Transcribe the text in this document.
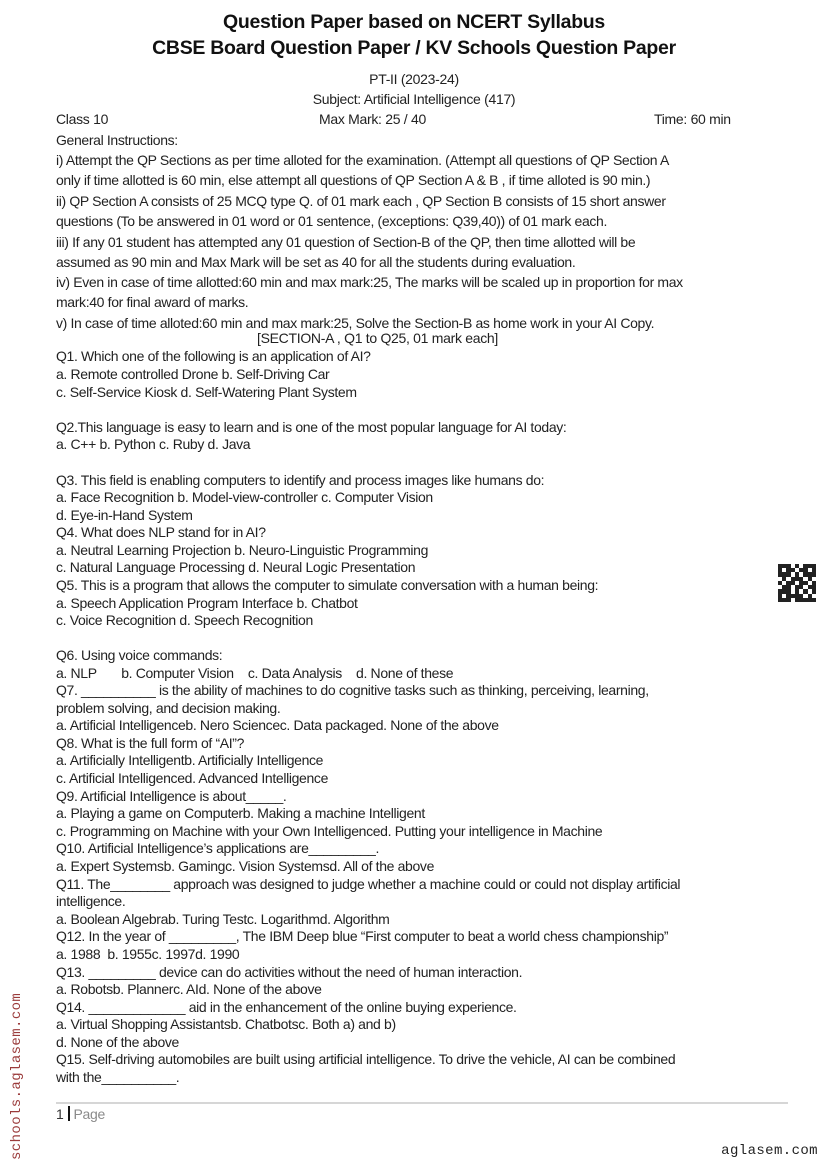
Question Paper based on NCERT Syllabus
CBSE Board Question Paper / KV Schools Question Paper
PT-II (2023-24)
Subject: Artificial Intelligence (417)
Class 10	Max Mark: 25 / 40	Time: 60 min
General Instructions:
i) Attempt the QP Sections as per time alloted for the examination. (Attempt all questions of QP Section A
only if time allotted is 60 min, else attempt all questions of QP Section A & B , if time alloted is 90 min.)
ii) QP Section A consists of 25 MCQ type Q. of 01 mark each , QP Section B consists of 15 short answer
questions (To be answered in 01 word or 01 sentence, (exceptions: Q39,40)) of 01 mark each.
iii) If any 01 student has attempted any 01 question of Section-B of the QP, then time allotted will be
assumed as 90 min and Max Mark will be set as 40 for all the students during evaluation.
iv) Even in case of time allotted:60 min and max mark:25, The marks will be scaled up in proportion for max
mark:40 for final award of marks.
v) In case of time alloted:60 min and max mark:25, Solve the Section-B as home work in your AI Copy.
[SECTION-A , Q1 to Q25, 01 mark each]
Q1. Which one of the following is an application of AI?
a. Remote controlled Drone b. Self-Driving Car
c. Self-Service Kiosk d. Self-Watering Plant System
Q2.This language is easy to learn and is one of the most popular language for AI today:
a. C++ b. Python c. Ruby d. Java
Q3. This field is enabling computers to identify and process images like humans do:
a. Face Recognition b. Model-view-controller c. Computer Vision
d. Eye-in-Hand System
Q4. What does NLP stand for in AI?
a. Neutral Learning Projection b. Neuro-Linguistic Programming
c. Natural Language Processing d. Neural Logic Presentation
Q5. This is a program that allows the computer to simulate conversation with a human being:
a. Speech Application Program Interface b. Chatbot
c. Voice Recognition d. Speech Recognition
Q6. Using voice commands:
a. NLP       b. Computer Vision    c. Data Analysis    d. None of these
Q7. __________ is the ability of machines to do cognitive tasks such as thinking, perceiving, learning,
problem solving, and decision making.
a. Artificial Intelligenceb. Nero Sciencec. Data packaged. None of the above
Q8. What is the full form of “AI”?
a. Artificially Intelligentb. Artificially Intelligence
c. Artificial Intelligenced. Advanced Intelligence
Q9. Artificial Intelligence is about_____.
a. Playing a game on Computerb. Making a machine Intelligent
c. Programming on Machine with your Own Intelligenced. Putting your intelligence in Machine
Q10. Artificial Intelligence’s applications are_________.
a. Expert Systemsb. Gamingc. Vision Systemsd. All of the above
Q11. The________ approach was designed to judge whether a machine could or could not display artificial
intelligence.
a. Boolean Algebrab. Turing Testc. Logarithmd. Algorithm
Q12. In the year of _________, The IBM Deep blue “First computer to beat a world chess championship”
a. 1988  b. 1955c. 1997d. 1990
Q13. _________ device can do activities without the need of human interaction.
a. Robotsb. Plannerc. AId. None of the above
Q14. _____________ aid in the enhancement of the online buying experience.
a. Virtual Shopping Assistantsb. Chatbotsc. Both a) and b)
d. None of the above
Q15. Self-driving automobiles are built using artificial intelligence. To drive the vehicle, AI can be combined
with the__________.
1 Page
schools.aglasem.com	aglasem.com
